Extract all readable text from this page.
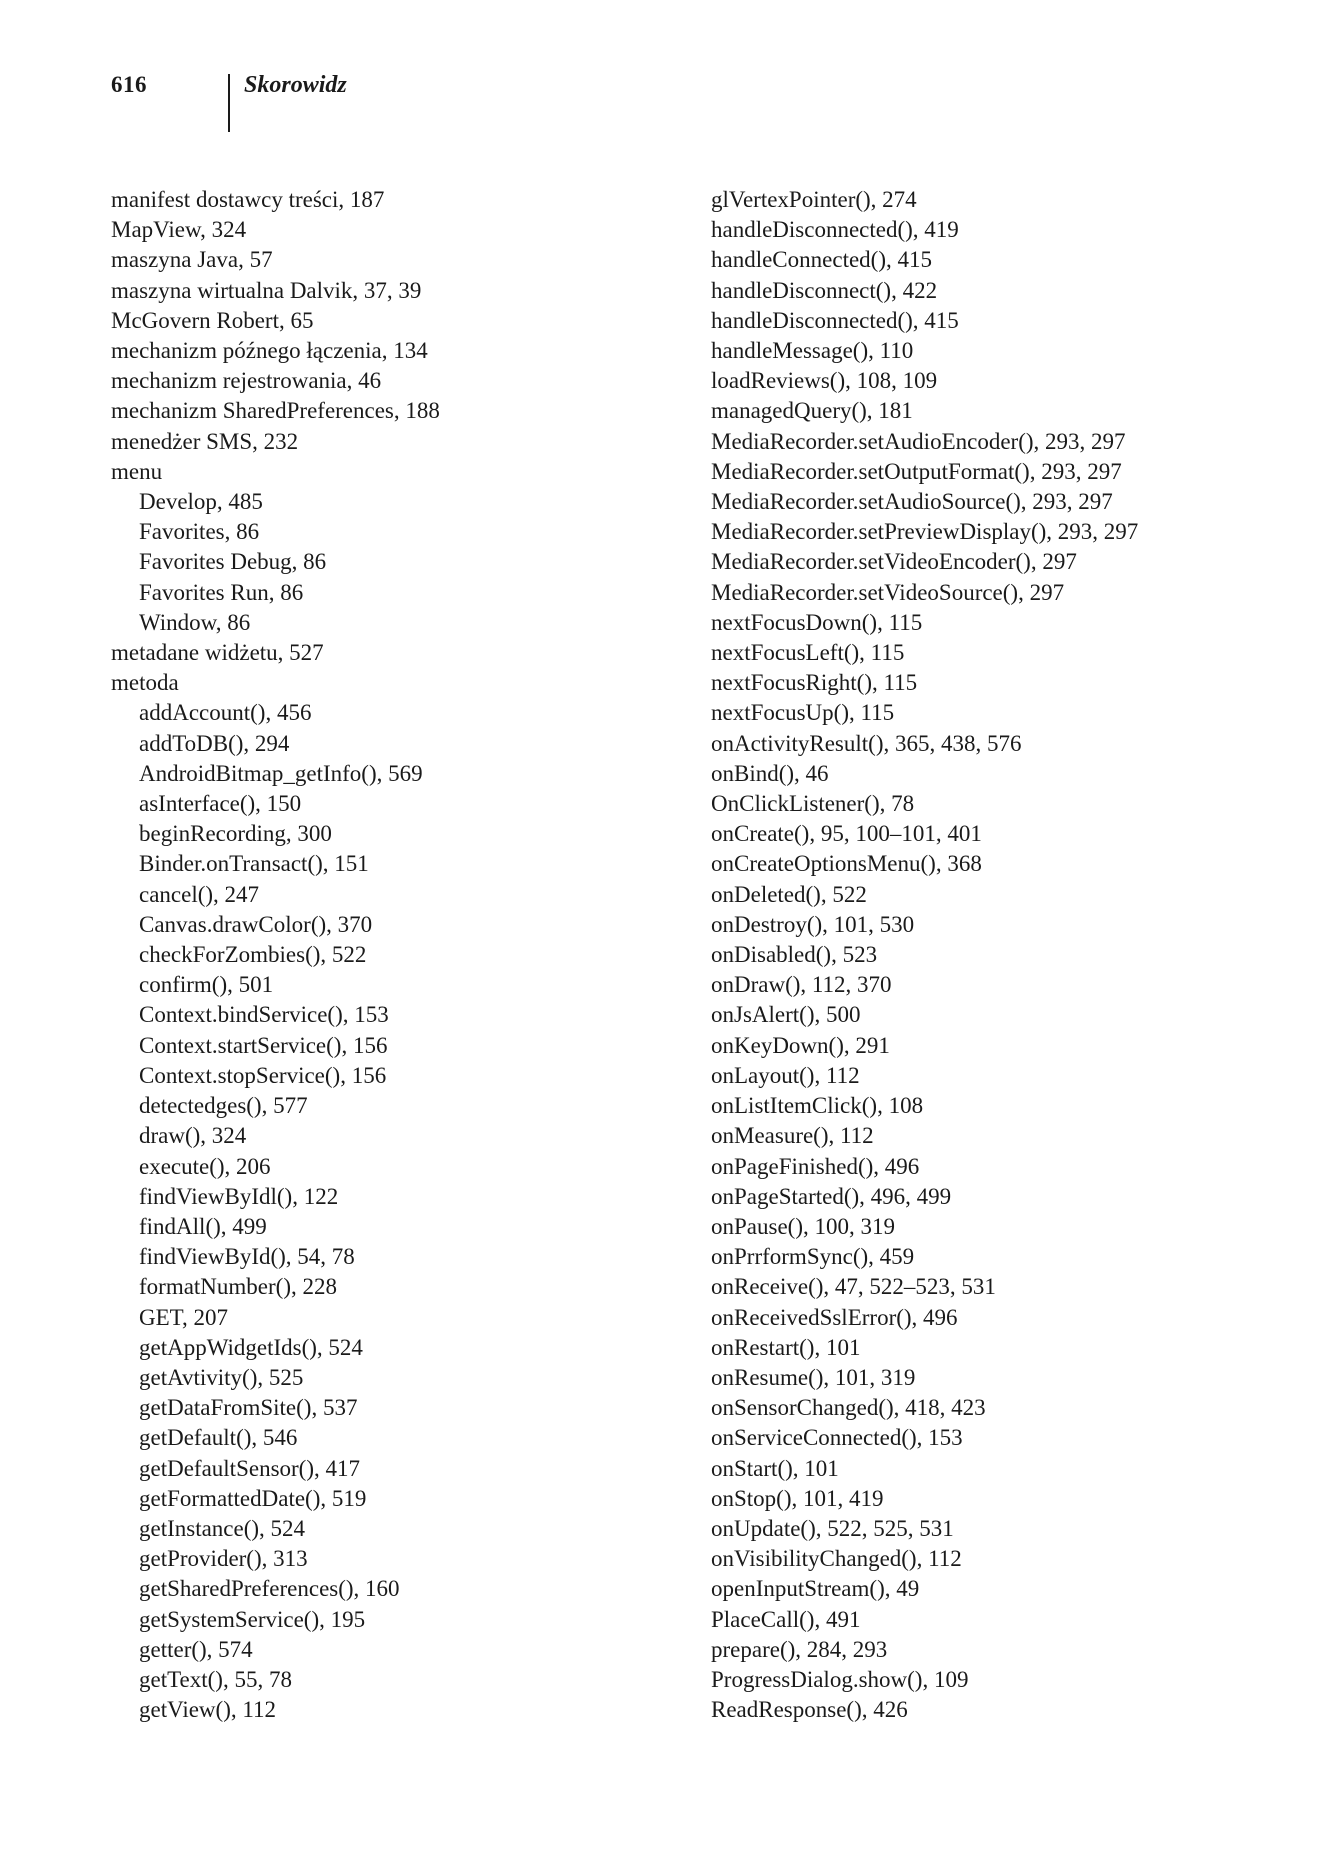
616	Skorowidz
manifest dostawcy treści, 187
MapView, 324
maszyna Java, 57
maszyna wirtualna Dalvik, 37, 39
McGovern Robert, 65
mechanizm późnego łączenia, 134
mechanizm rejestrowania, 46
mechanizm SharedPreferences, 188
menedżer SMS, 232
menu
Develop, 485
Favorites, 86
Favorites Debug, 86
Favorites Run, 86
Window, 86
metadane widżetu, 527
metoda
addAccount(), 456
addToDB(), 294
AndroidBitmap_getInfo(), 569
asInterface(), 150
beginRecording, 300
Binder.onTransact(), 151
cancel(), 247
Canvas.drawColor(), 370
checkForZombies(), 522
confirm(), 501
Context.bindService(), 153
Context.startService(), 156
Context.stopService(), 156
detectedges(), 577
draw(), 324
execute(), 206
findViewByIdl(), 122
findAll(), 499
findViewById(), 54, 78
formatNumber(), 228
GET, 207
getAppWidgetIds(), 524
getAvtivity(), 525
getDataFromSite(), 537
getDefault(), 546
getDefaultSensor(), 417
getFormattedDate(), 519
getInstance(), 524
getProvider(), 313
getSharedPreferences(), 160
getSystemService(), 195
getter(), 574
getText(), 55, 78
getView(), 112
glVertexPointer(), 274
handleDisconnected(), 419
handleConnected(), 415
handleDisconnect(), 422
handleDisconnected(), 415
handleMessage(), 110
loadReviews(), 108, 109
managedQuery(), 181
MediaRecorder.setAudioEncoder(), 293, 297
MediaRecorder.setOutputFormat(), 293, 297
MediaRecorder.setAudioSource(), 293, 297
MediaRecorder.setPreviewDisplay(), 293, 297
MediaRecorder.setVideoEncoder(), 297
MediaRecorder.setVideoSource(), 297
nextFocusDown(), 115
nextFocusLeft(), 115
nextFocusRight(), 115
nextFocusUp(), 115
onActivityResult(), 365, 438, 576
onBind(), 46
OnClickListener(), 78
onCreate(), 95, 100–101, 401
onCreateOptionsMenu(), 368
onDeleted(), 522
onDestroy(), 101, 530
onDisabled(), 523
onDraw(), 112, 370
onJsAlert(), 500
onKeyDown(), 291
onLayout(), 112
onListItemClick(), 108
onMeasure(), 112
onPageFinished(), 496
onPageStarted(), 496, 499
onPause(), 100, 319
onPrrformSync(), 459
onReceive(), 47, 522–523, 531
onReceivedSslError(), 496
onRestart(), 101
onResume(), 101, 319
onSensorChanged(), 418, 423
onServiceConnected(), 153
onStart(), 101
onStop(), 101, 419
onUpdate(), 522, 525, 531
onVisibilityChanged(), 112
openInputStream(), 49
PlaceCall(), 491
prepare(), 284, 293
ProgressDialog.show(), 109
ReadResponse(), 426
